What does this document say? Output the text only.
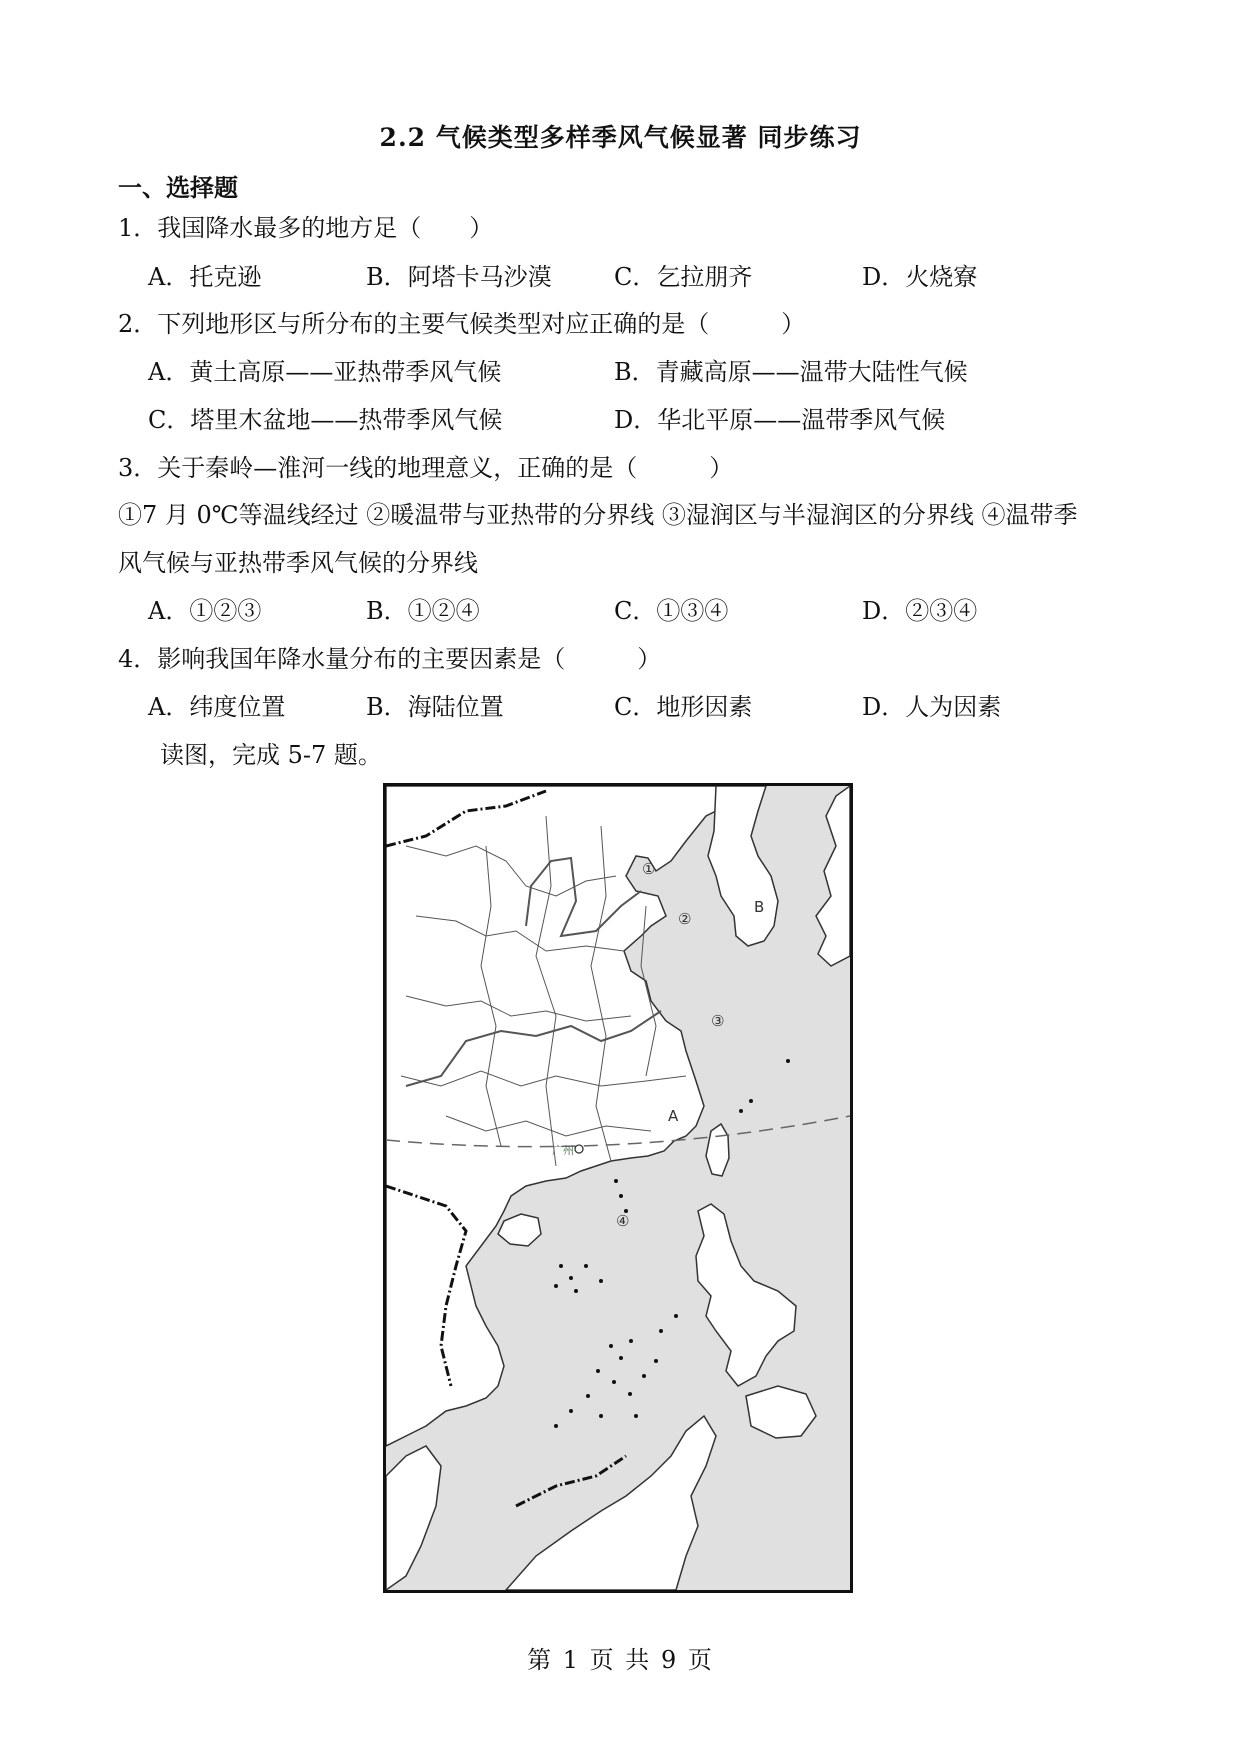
2.2 气候类型多样季风气候显著 同步练习
一、选择题
1．我国降水最多的地方足（　　）
A．托克逊	B．阿塔卡马沙漠	C．乞拉朋齐	D．火烧寮
2．下列地形区与所分布的主要气候类型对应正确的是（　　　）
A．黄土高原——亚热带季风气候	B．青藏高原——温带大陆性气候
C．塔里木盆地——热带季风气候	D．华北平原——温带季风气候
3．关于秦岭—淮河一线的地理意义，正确的是（　　　）
①7 月 0℃等温线经过 ②暖温带与亚热带的分界线 ③湿润区与半湿润区的分界线 ④温带季
风气候与亚热带季风气候的分界线
A．①②③	B．①②④	C．①③④	D．②③④
4．影响我国年降水量分布的主要因素是（　　　）
A．纬度位置	B．海陆位置	C．地形因素	D．人为因素
读图，完成 5-7 题。
①
②
③
④
B
A
广州
第 1 页 共 9 页
